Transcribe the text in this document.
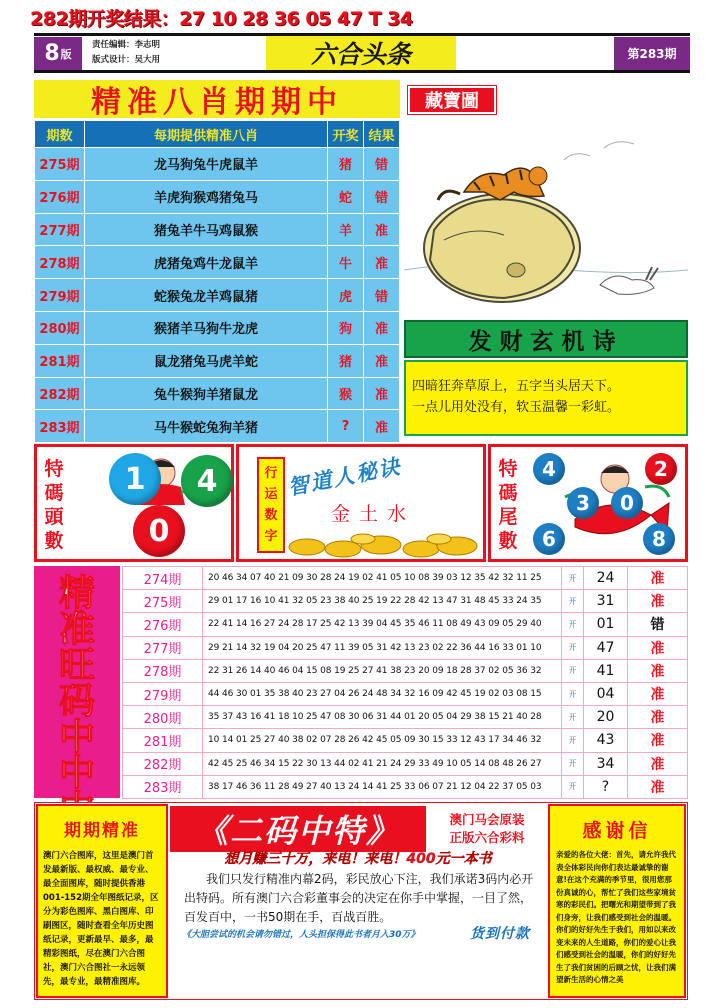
282期开奖结果：27 10 28 36 05 47 T 34
8 版
责任编辑：李志明
版式设计：吴大用	六合头条	第283期
精准八肖期期中	藏寶圖
期数	每期提供精准八肖	开奖	结果
275期	龙马狗兔牛虎鼠羊	猪	错
276期	羊虎狗猴鸡猪兔马	蛇	错
277期	猪兔羊牛马鸡鼠猴	羊	准
278期	虎猪兔鸡牛龙鼠羊	牛	准
279期	蛇猴兔龙羊鸡鼠猪	虎	错
280期	猴猪羊马狗牛龙虎	狗	准
281期	鼠龙猪兔马虎羊蛇	猪	准
282期	兔牛猴狗羊猪鼠龙	猴	准
283期	马牛猴蛇兔狗羊猪	?	准
发财玄机诗
四暗狂奔草原上，五字当头居天下。
一点儿用处没有，软玉温馨一彩虹。
特
碼
頭
數
1	4
0
行
运
数
字
智道人秘诀
金土水
特
碼
尾
數
4	2
3	0
6	8
精
准
旺
码
中
中
274期	20 46 34 07 40 21 09 30 28 24 19 02 41 05 10 08 39 03 12 35 42 32 11 25	开	24	准
275期	29 01 17 16 10 41 32 05 23 38 40 25 19 22 28 42 13 47 31 48 45 33 24 35	开	31	准
276期	22 41 14 16 27 24 28 17 25 42 13 39 04 45 35 46 11 08 49 43 09 05 29 40	开	01	错
277期	29 21 14 32 19 04 20 25 47 11 39 05 31 42 13 23 02 22 36 44 16 33 01 10	开	47	准
278期	22 31 26 14 40 46 04 15 08 19 25 27 41 38 23 20 09 18 28 37 02 05 36 32	开	41	准
279期	44 46 30 01 35 38 40 23 27 04 26 24 48 34 32 16 09 42 45 19 02 03 08 15	开	04	准
280期	35 37 43 16 41 18 10 25 47 08 30 06 31 44 01 20 05 04 29 38 15 21 40 28	开	20	准
281期	10 14 01 25 27 40 38 02 07 28 26 42 45 05 09 30 15 33 12 43 17 34 46 32	开	43	准
282期	42 45 25 46 34 15 22 30 13 44 02 41 21 24 29 33 49 10 05 14 08 48 26 27	开	34	准
283期	38 17 46 36 11 28 49 27 40 13 24 14 41 25 33 06 07 21 12 04 22 37 05 03	开	?	准
期期精准

澳门六合图库，这里是澳门首发最新版、最权威、最专业、最全面图库，随时提供香港001-152期全年图纸记录，区分为彩色图库、黑白图库、印刷图区，随时查看全年历史图纸记录，更新最早、最多，最精彩图纸，尽在澳门六合图社，澳门六合图社一永远领先，最专业，最精准图库。

《二码中特》	澳门马会原装
正版六合彩料
想月赚三十万，来电！来电！400元一本书
我们只发行精准内幕2码，彩民放心下注，我们承诺3码内必开出特码。所有澳门六合彩董事会的决定在你手中掌握，一目了然，百发百中，一书50期在手，百战百胜。
《大胆尝试的机会请勿错过，人头担保得此书者月入30万》	货到付款
感谢信

亲爱的各位大佬：首先，请允许我代表全体彩民向你们表达最诚挚的谢意!在这个充满的季节里，很用您那份真诚的心，帮忙了我们这些家境贫寒的彩民们。把曙光和期望带到了我们身旁，让我们感受到社会的温暖。你们的好好先生于我们，用如以来改变未来的人生道路，你们的爱心让我们感受到社会的温暖，你们的好好先生了我们贫困的后顾之忧，让我们满望新生活的心情之美
